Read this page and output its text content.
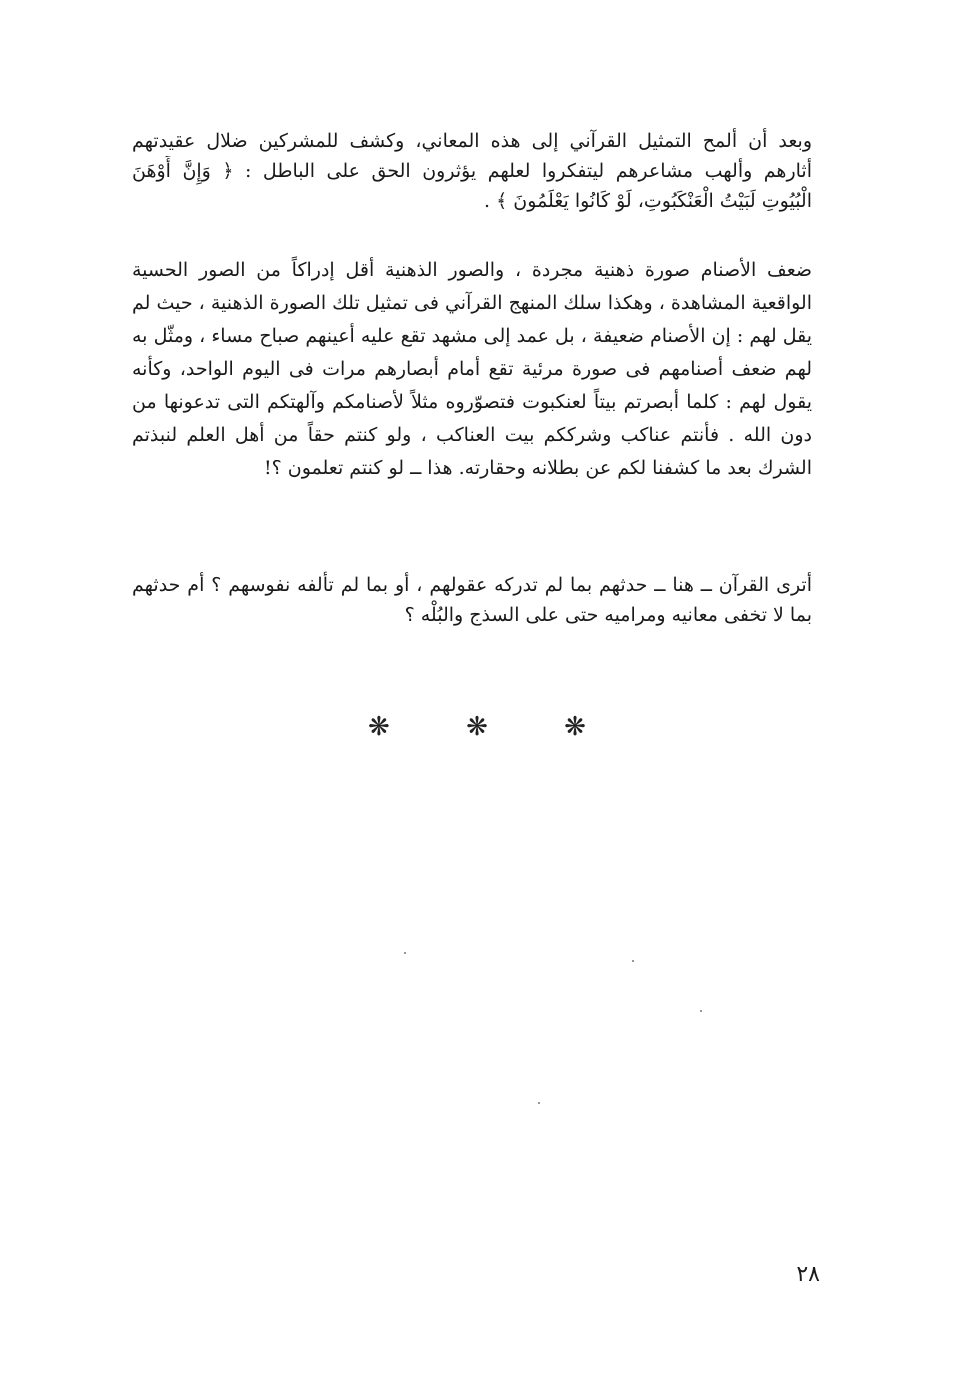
وبعد أن ألمح التمثيل القرآني إلى هذه المعاني، وكشف للمشركين ضلال عقيدتهم
أثارهم وألهب مشاعرهم ليتفكروا لعلهم يؤثرون الحق على الباطل : ﴿ وَإِنَّ أَوْهَنَ
الْبُيُوتِ لَبَيْتُ الْعَنْكَبُوتِ، لَوْ كَانُوا يَعْلَمُونَ ﴾ .
ضعف الأصنام صورة ذهنية مجردة ، والصور الذهنية أقل إدراكاً من الصور الحسية
الواقعية المشاهدة ، وهكذا سلك المنهج القرآني فى تمثيل تلك الصورة الذهنية ، حيث لم
يقل لهم : إن الأصنام ضعيفة ، بل عمد إلى مشهد تقع عليه أعينهم صباح مساء ، ومثّل به
لهم ضعف أصنامهم فى صورة مرئية تقع أمام أبصارهم مرات فى اليوم الواحد، وكأنه
يقول لهم : كلما أبصرتم بيتاً لعنكبوت فتصوّروه مثلاً لأصنامكم وآلهتكم التى تدعونها من
دون الله . فأنتم عناكب وشرككم بيت العناكب ، ولو كنتم حقاً من أهل العلم لنبذتم
الشرك بعد ما كشفنا لكم عن بطلانه وحقارته. هذا ــ لو كنتم تعلمون ؟!
أترى القرآن ــ هنا ــ حدثهم بما لم تدركه عقولهم ، أو بما لم تألفه نفوسهم ؟ أم حدثهم
بما لا تخفى معانيه ومراميه حتى على السذج والبُلْه ؟
❋	❋	❋
٢٨
